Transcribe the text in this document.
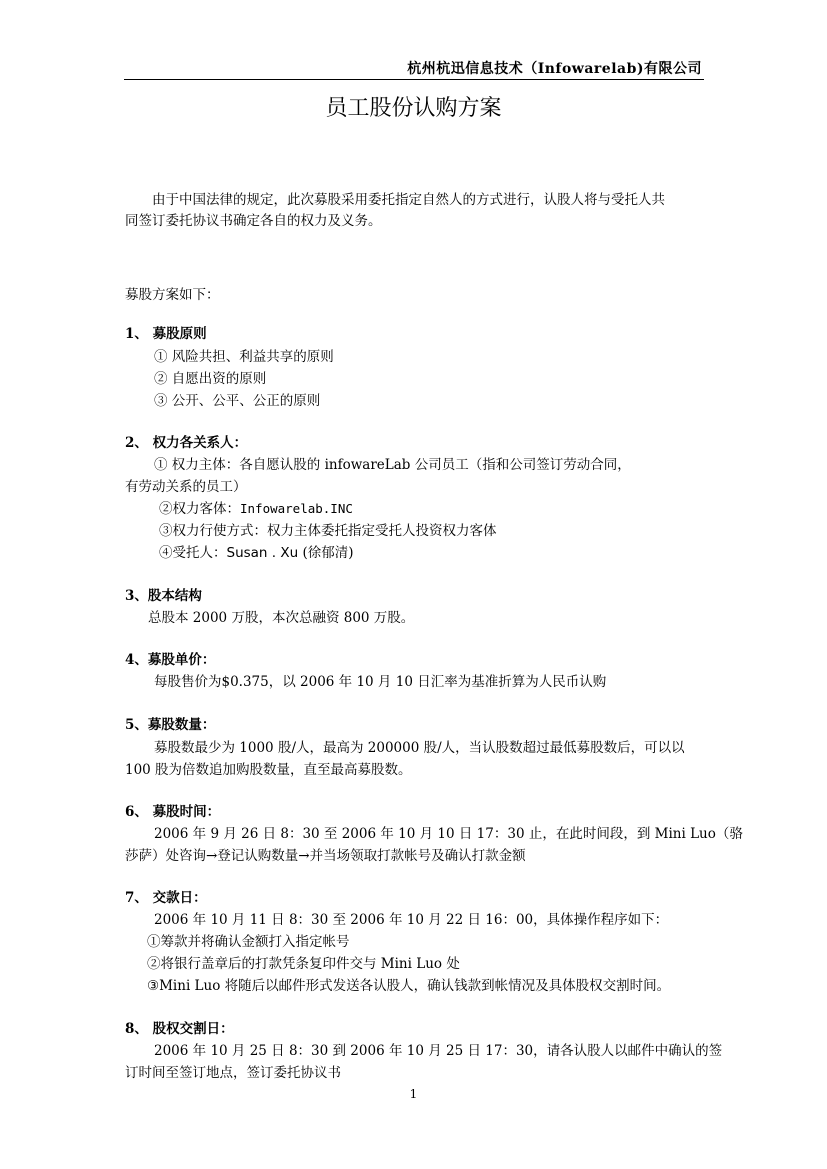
杭州杭迅信息技术（Infowarelab)有限公司
员工股份认购方案
由于中国法律的规定，此次募股采用委托指定自然人的方式进行，认股人将与受托人共
同签订委托协议书确定各自的权力及义务。
募股方案如下：
1、 募股原则
① 风险共担、利益共享的原则
② 自愿出资的原则
③ 公开、公平、公正的原则
2、 权力各关系人：
① 权力主体：各自愿认股的 infowareLab 公司员工（指和公司签订劳动合同，
有劳动关系的员工）
②权力客体：Infowarelab.INC
③权力行使方式：权力主体委托指定受托人投资权力客体
④受托人：Susan . Xu (徐郁清)
3、股本结构
总股本 2000 万股，本次总融资 800 万股。
4、募股单价：
每股售价为$0.375，以 2006 年 10 月 10 日汇率为基准折算为人民币认购
5、募股数量：
募股数最少为 1000 股/人，最高为 200000 股/人，当认股数超过最低募股数后，可以以
100 股为倍数追加购股数量，直至最高募股数。
6、 募股时间：
2006 年 9 月 26 日 8：30 至 2006 年 10 月 10 日 17：30 止，在此时间段，到 Mini Luo（骆
莎萨）处咨询→登记认购数量→并当场领取打款帐号及确认打款金额
7、 交款日：
2006 年 10 月 11 日 8：30 至 2006 年 10 月 22 日 16：00，具体操作程序如下：
①筹款并将确认金额打入指定帐号
②将银行盖章后的打款凭条复印件交与 Mini Luo 处
③Mini Luo 将随后以邮件形式发送各认股人，确认钱款到帐情况及具体股权交割时间。
8、 股权交割日：
2006 年 10 月 25 日 8：30 到 2006 年 10 月 25 日 17：30，请各认股人以邮件中确认的签
订时间至签订地点，签订委托协议书
1
